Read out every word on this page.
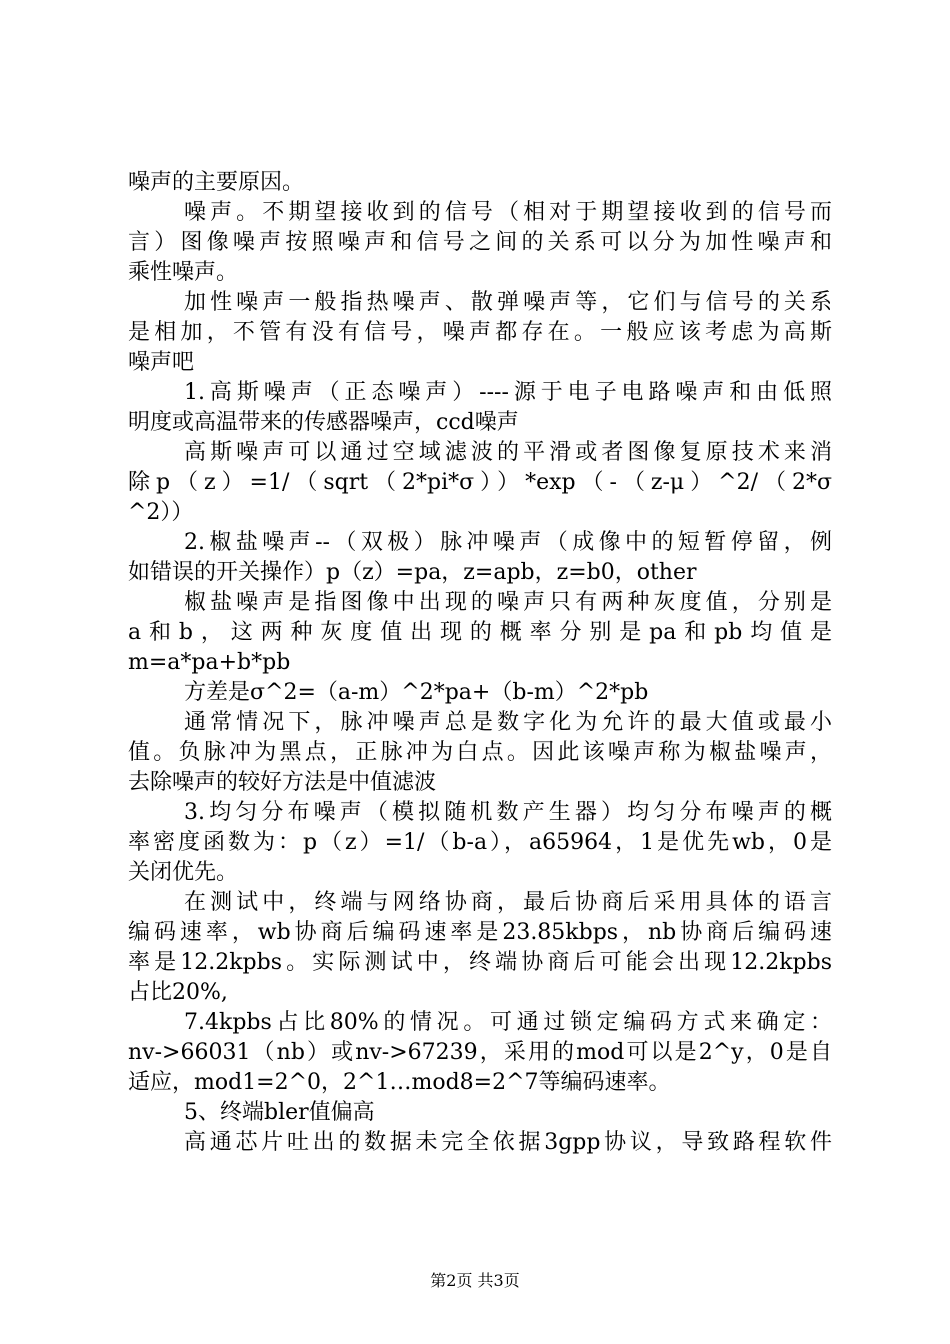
噪声的主要原因。
噪声。不期望接收到的信号（相对于期望接收到的信号而
言）图像噪声按照噪声和信号之间的关系可以分为加性噪声和
乘性噪声。
加性噪声一般指热噪声、散弹噪声等，它们与信号的关系
是相加，不管有没有信号，噪声都存在。一般应该考虑为高斯
噪声吧
1.高斯噪声（正态噪声）----源于电子电路噪声和由低照
明度或高温带来的传感器噪声，ccd噪声
高斯噪声可以通过空域滤波的平滑或者图像复原技术来消
除p（z）=1/（sqrt（2*pi*σ））*exp（-（z-μ）^2/（2*σ
^2））
2.椒盐噪声--（双极）脉冲噪声（成像中的短暂停留，例
如错误的开关操作）p（z）=pa，z=apb，z=b0，other
椒盐噪声是指图像中出现的噪声只有两种灰度值，分别是
a和b，这两种灰度值出现的概率分别是pa和pb均值是
m=a*pa+b*pb
方差是σ^2=（a-m）^2*pa+（b-m）^2*pb
通常情况下，脉冲噪声总是数字化为允许的最大值或最小
值。负脉冲为黑点，正脉冲为白点。因此该噪声称为椒盐噪声，
去除噪声的较好方法是中值滤波
3.均匀分布噪声（模拟随机数产生器）均匀分布噪声的概
率密度函数为：p（z）=1/（b-a），a65964，1是优先wb，0是
关闭优先。
在测试中，终端与网络协商，最后协商后采用具体的语言
编码速率，wb协商后编码速率是23.85kbps，nb协商后编码速
率是12.2kpbs。实际测试中，终端协商后可能会出现12.2kpbs
占比20%,
7.4kpbs占比80%的情况。可通过锁定编码方式来确定：
nv->66031（nb）或nv->67239，采用的mod可以是2^y，0是自
适应，mod1=2^0，2^1…mod8=2^7等编码速率。
5、终端bler值偏高
高通芯片吐出的数据未完全依据3gpp协议，导致路程软件
第2页 共3页
